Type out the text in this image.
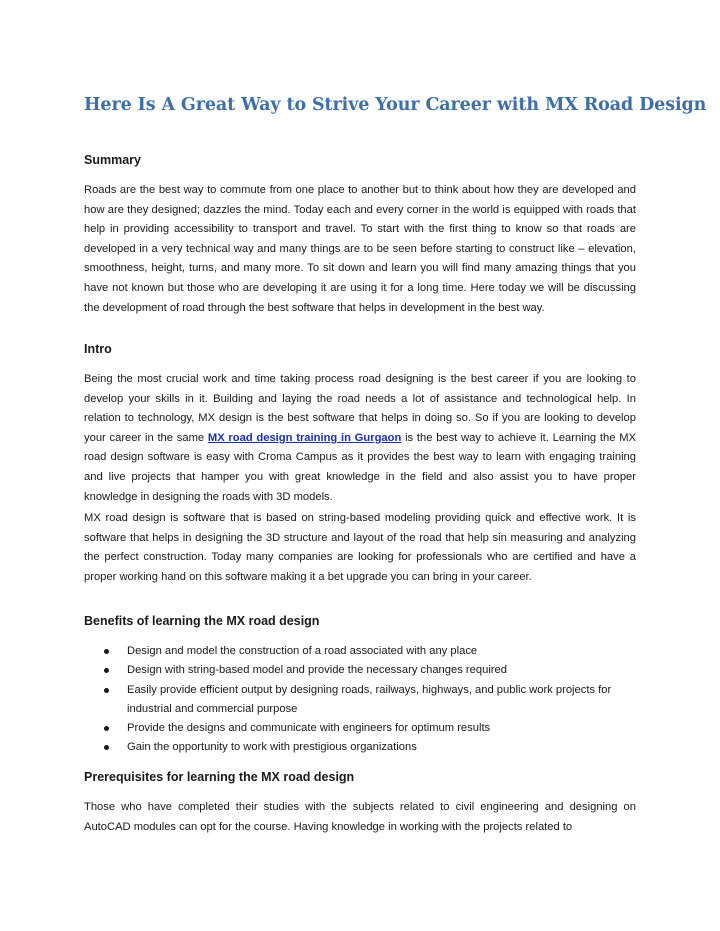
Here Is A Great Way to Strive Your Career with MX Road Design
Summary

Roads are the best way to commute from one place to another but to think about how they are developed and how are they designed; dazzles the mind. Today each and every corner in the world is equipped with roads that help in providing accessibility to transport and travel. To start with the first thing to know so that roads are developed in a very technical way and many things are to be seen before starting to construct like – elevation, smoothness, height, turns, and many more. To sit down and learn you will find many amazing things that you have not known but those who are developing it are using it for a long time. Here today we will be discussing the development of road through the best software that helps in development in the best way.

Intro

Being the most crucial work and time taking process road designing is the best career if you are looking to develop your skills in it. Building and laying the road needs a lot of assistance and technological help. In relation to technology, MX design is the best software that helps in doing so. So if you are looking to develop your career in the same MX road design training in Gurgaon is the best way to achieve it. Learning the MX road design software is easy with Croma Campus as it provides the best way to learn with engaging training and live projects that hamper you with great knowledge in the field and also assist you to have proper knowledge in designing the roads with 3D models.

MX road design is software that is based on string-based modeling providing quick and effective work. It is software that helps in designing the 3D structure and layout of the road that help sin measuring and analyzing the perfect construction. Today many companies are looking for professionals who are certified and have a proper working hand on this software making it a bet upgrade you can bring in your career.

Benefits of learning the MX road design
Design and model the construction of a road associated with any place
Design with string-based model and provide the necessary changes required
Easily provide efficient output by designing roads, railways, highways, and public work projects for industrial and commercial purpose
Provide the designs and communicate with engineers for optimum results
Gain the opportunity to work with prestigious organizations
Prerequisites for learning the MX road design

Those who have completed their studies with the subjects related to civil engineering and designing on AutoCAD modules can opt for the course. Having knowledge in working with the projects related to
